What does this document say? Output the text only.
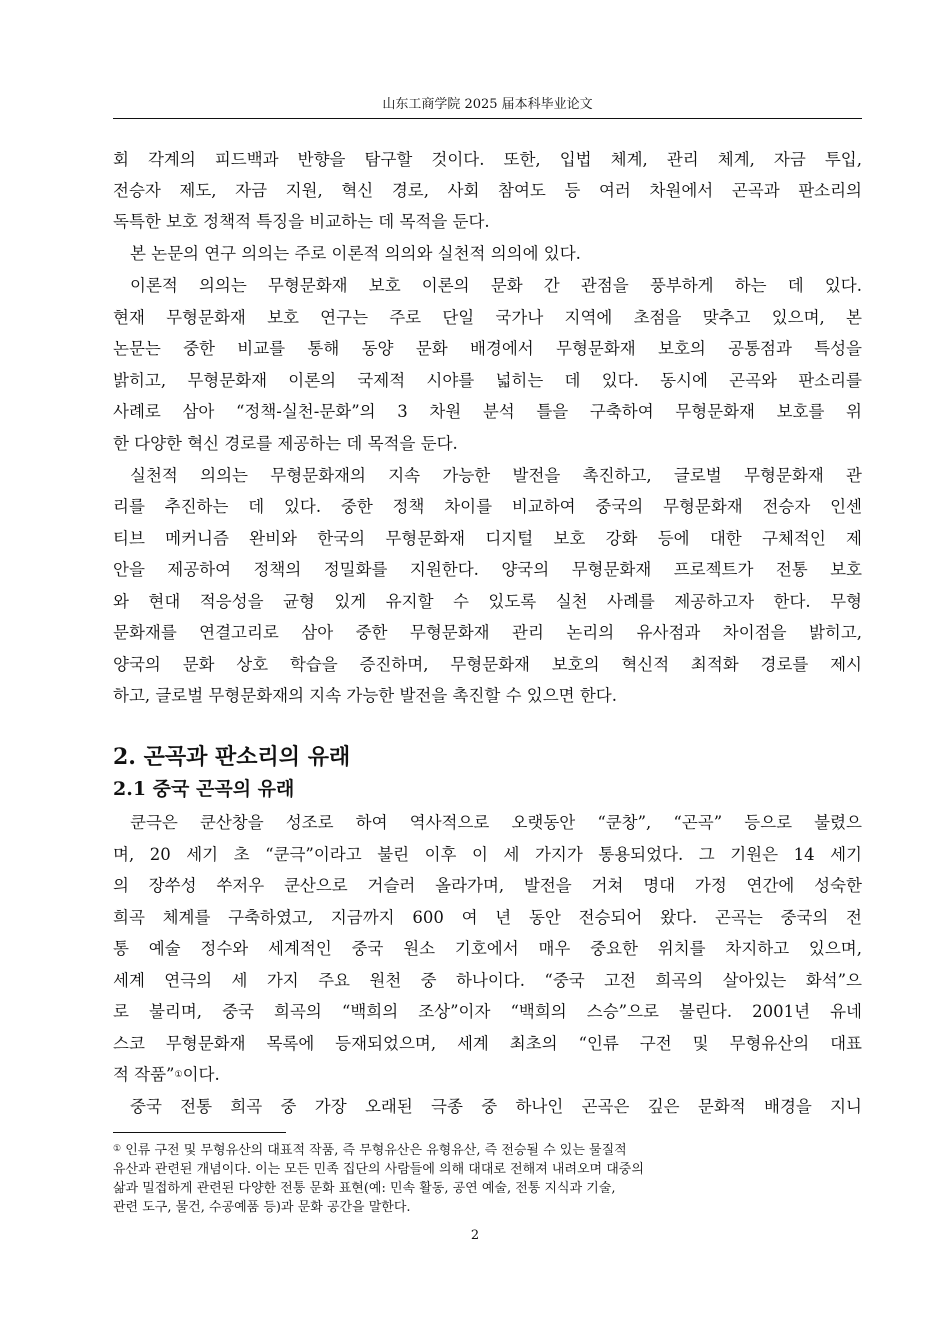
山东工商学院 2025 届本科毕业论文
회 각계의 피드백과 반향을 탐구할 것이다. 또한, 입법 체계, 관리 체계, 자금 투입,
전승자 제도, 자금 지원, 혁신 경로, 사회 참여도 등 여러 차원에서 곤곡과 판소리의
독특한 보호 정책적 특징을 비교하는 데 목적을 둔다.
본 논문의 연구 의의는 주로 이론적 의의와 실천적 의의에 있다.
이론적 의의는 무형문화재 보호 이론의 문화 간 관점을 풍부하게 하는 데 있다.
현재 무형문화재 보호 연구는 주로 단일 국가나 지역에 초점을 맞추고 있으며, 본
논문는 중한 비교를 통해 동양 문화 배경에서 무형문화재 보호의 공통점과 특성을
밝히고, 무형문화재 이론의 국제적 시야를 넓히는 데 있다. 동시에 곤곡와 판소리를
사례로 삼아 “정책-실천-문화”의 3 차원 분석 틀을 구축하여 무형문화재 보호를 위
한 다양한 혁신 경로를 제공하는 데 목적을 둔다.
실천적 의의는 무형문화재의 지속 가능한 발전을 촉진하고, 글로벌 무형문화재 관
리를 추진하는 데 있다. 중한 정책 차이를 비교하여 중국의 무형문화재 전승자 인센
티브 메커니즘 완비와 한국의 무형문화재 디지털 보호 강화 등에 대한 구체적인 제
안을 제공하여 정책의 정밀화를 지원한다. 양국의 무형문화재 프로젝트가 전통 보호
와 현대 적응성을 균형 있게 유지할 수 있도록 실천 사례를 제공하고자 한다. 무형
문화재를 연결고리로 삼아 중한 무형문화재 관리 논리의 유사점과 차이점을 밝히고,
양국의 문화 상호 학습을 증진하며, 무형문화재 보호의 혁신적 최적화 경로를 제시
하고, 글로벌 무형문화재의 지속 가능한 발전을 촉진할 수 있으면 한다.
2. 곤곡과 판소리의 유래
2.1 중국 곤곡의 유래
쿤극은 쿤산창을 성조로 하여 역사적으로 오랫동안 “쿤창”, “곤곡” 등으로 불렸으
며, 20 세기 초 “쿤극”이라고 불린 이후 이 세 가지가 통용되었다. 그 기원은 14 세기
의 장쑤성 쑤저우 쿤산으로 거슬러 올라가며, 발전을 거쳐 명대 가정 연간에 성숙한
희곡 체계를 구축하였고, 지금까지 600 여 년 동안 전승되어 왔다. 곤곡는 중국의 전
통 예술 정수와 세계적인 중국 원소 기호에서 매우 중요한 위치를 차지하고 있으며,
세계 연극의 세 가지 주요 원천 중 하나이다. “중국 고전 희곡의 살아있는 화석”으
로 불리며, 중국 희곡의 “백희의 조상”이자 “백희의 스승”으로 불린다. 2001년 유네
스코 무형문화재 목록에 등재되었으며, 세계 최초의 “인류 구전 및 무형유산의 대표
적 작품”①이다.
중국 전통 희곡 중 가장 오래된 극종 중 하나인 곤곡은 깊은 문화적 배경을 지니
① 인류 구전 및 무형유산의 대표적 작품, 즉 무형유산은 유형유산, 즉 전승될 수 있는 물질적
유산과 관련된 개념이다. 이는 모든 민족 집단의 사람들에 의해 대대로 전해져 내려오며 대중의
삶과 밀접하게 관련된 다양한 전통 문화 표현(예: 민속 활동, 공연 예술, 전통 지식과 기술,
관련 도구, 물건, 수공예품 등)과 문화 공간을 말한다.
2
